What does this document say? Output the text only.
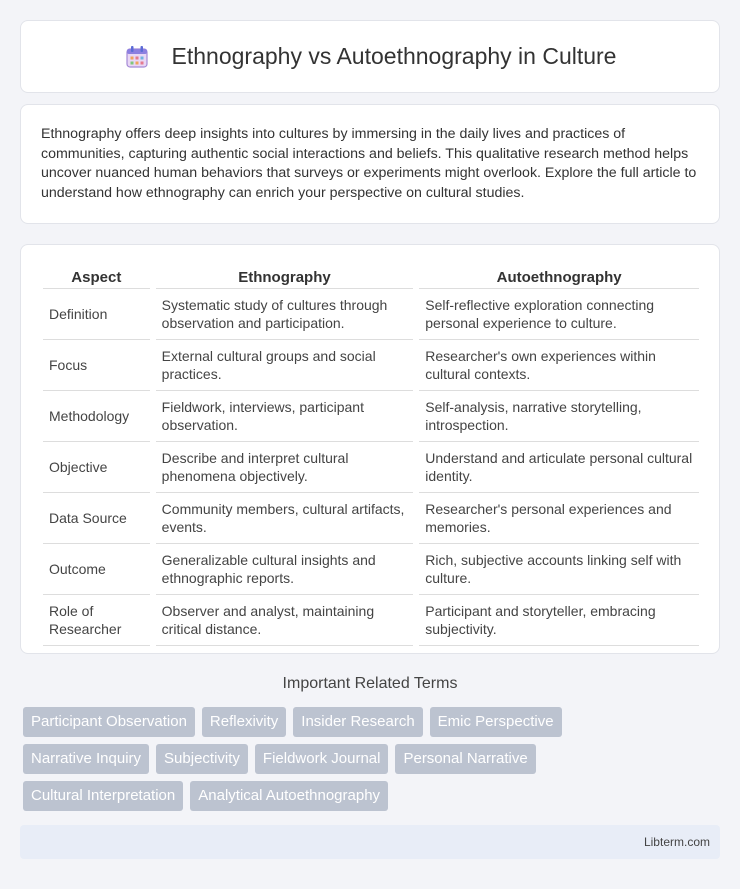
Ethnography vs Autoethnography in Culture

Ethnography offers deep insights into cultures by immersing in the daily lives and practices of communities, capturing authentic social interactions and beliefs. This qualitative research method helps uncover nuanced human behaviors that surveys or experiments might overlook. Explore the full article to understand how ethnography can enrich your perspective on cultural studies.

Aspect		Ethnography		Autoethnography
Definition		Systematic study of cultures through observation and participation.		Self-reflective exploration connecting personal experience to culture.
Focus		External cultural groups and social practices.		Researcher's own experiences within cultural contexts.
Methodology		Fieldwork, interviews, participant observation.		Self-analysis, narrative storytelling, introspection.
Objective		Describe and interpret cultural phenomena objectively.		Understand and articulate personal cultural identity.
Data Source		Community members, cultural artifacts, events.		Researcher's personal experiences and memories.
Outcome		Generalizable cultural insights and ethnographic reports.		Rich, subjective accounts linking self with culture.
Role of Researcher		Observer and analyst, maintaining critical distance.		Participant and storyteller, embracing subjectivity.
Important Related Terms
Participant Observation	Reflexivity	Insider Research	Emic Perspective
Narrative Inquiry	Subjectivity	Fieldwork Journal	Personal Narrative
Cultural Interpretation	Analytical Autoethnography
Libterm.com
